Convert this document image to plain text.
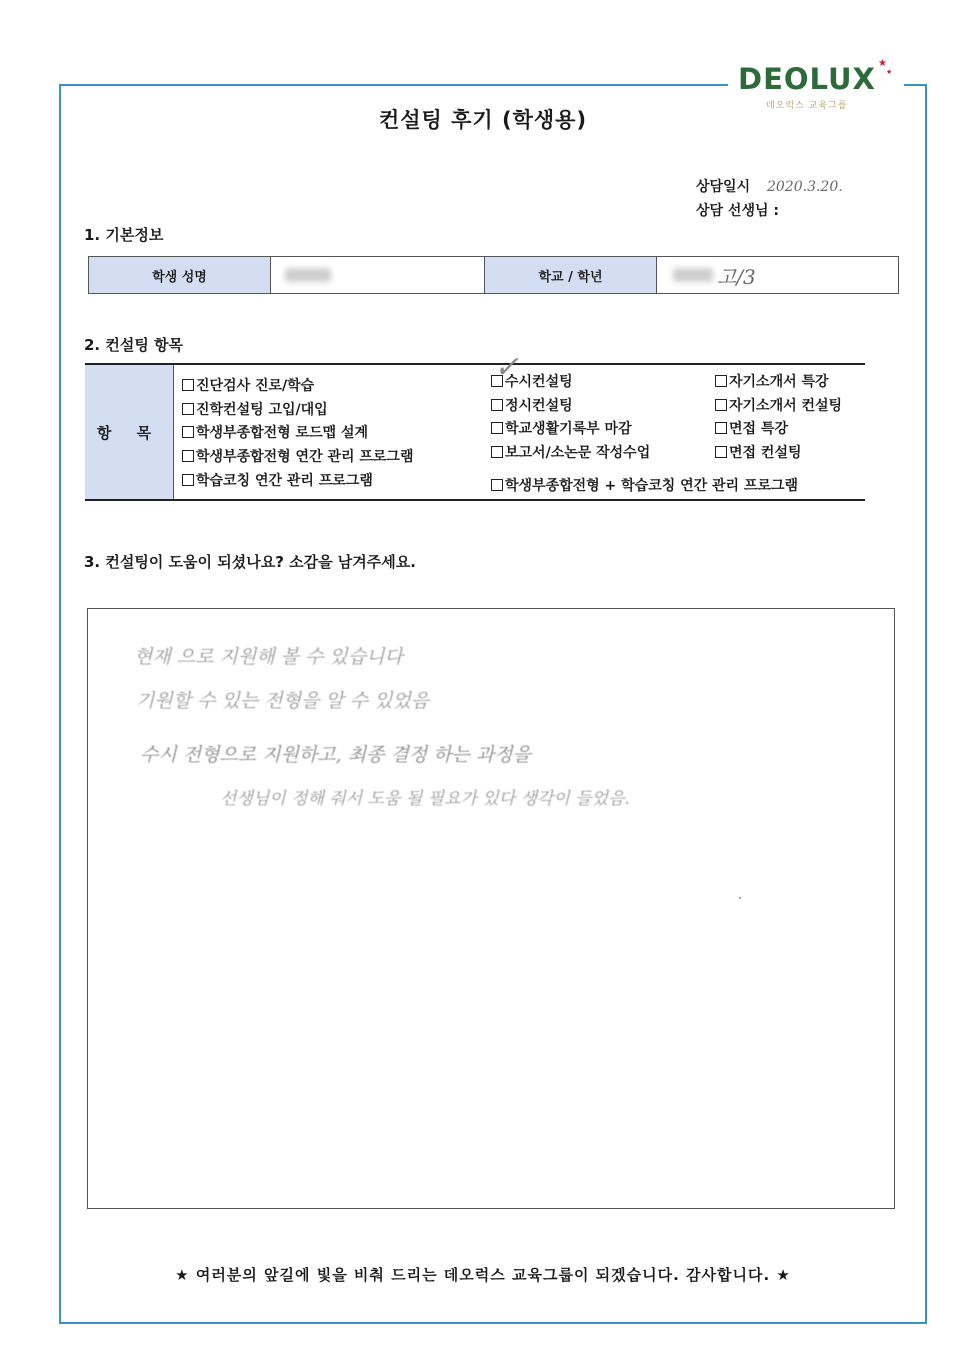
DEOLUX
데오럭스 교육그룹
★
★
컨설팅 후기 (학생용)
상담일시 2020.3.20.
상담 선생님 :
1. 기본정보
학생 성명	학교 / 학년	고/3
2. 컨설팅 항목
항 목
진단검사 진로/학습
진학컨설팅 고입/대입
학생부종합전형 로드맵 설계
학생부종합전형 연간 관리 프로그램
학습코칭 연간 관리 프로그램
수시컨설팅
정시컨설팅
학교생활기록부 마감
보고서/소논문 작성수업
학생부종합전형 + 학습코칭 연간 관리 프로그램
자기소개서 특강
자기소개서 컨설팅
면접 특강
면접 컨설팅
✓
3. 컨설팅이 도움이 되셨나요? 소감을 남겨주세요.
현재 으로 지원해 볼 수 있습니다
기원할 수 있는 전형을 알 수 있었음
수시 전형으로 지원하고, 최종 결정 하는 과정을
선생님이 정해 줘서 도움 될 필요가 있다 생각이 들었음.
★ 여러분의 앞길에 빛을 비춰 드리는 데오럭스 교육그룹이 되겠습니다. 감사합니다. ★
